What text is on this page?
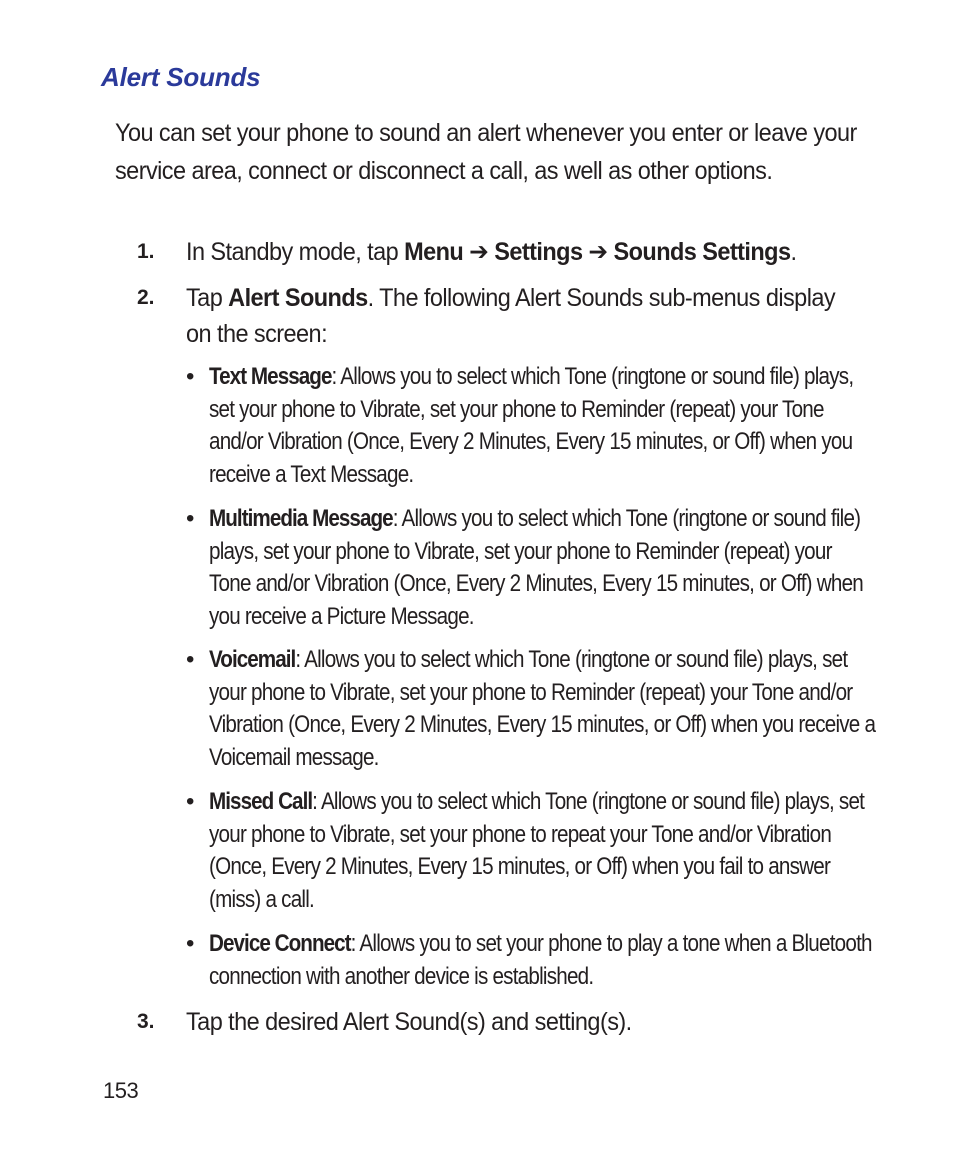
Alert Sounds

You can set your phone to sound an alert whenever you enter or leave your service area, connect or disconnect a call, as well as other options.

1. In Standby mode, tap Menu ➔ Settings ➔ Sounds Settings.
2. Tap Alert Sounds. The following Alert Sounds sub-menus display on the screen:
• Text Message: Allows you to select which Tone (ringtone or sound file) plays, set your phone to Vibrate, set your phone to Reminder (repeat) your Tone and/or Vibration (Once, Every 2 Minutes, Every 15 minutes, or Off) when you receive a Text Message.
• Multimedia Message: Allows you to select which Tone (ringtone or sound file) plays, set your phone to Vibrate, set your phone to Reminder (repeat) your Tone and/or Vibration (Once, Every 2 Minutes, Every 15 minutes, or Off) when you receive a Picture Message.
• Voicemail: Allows you to select which Tone (ringtone or sound file) plays, set your phone to Vibrate, set your phone to Reminder (repeat) your Tone and/or Vibration (Once, Every 2 Minutes, Every 15 minutes, or Off) when you receive a Voicemail message.
• Missed Call: Allows you to select which Tone (ringtone or sound file) plays, set your phone to Vibrate, set your phone to repeat your Tone and/or Vibration (Once, Every 2 Minutes, Every 15 minutes, or Off) when you fail to answer (miss) a call.
• Device Connect: Allows you to set your phone to play a tone when a Bluetooth connection with another device is established.
3. Tap the desired Alert Sound(s) and setting(s).
153
